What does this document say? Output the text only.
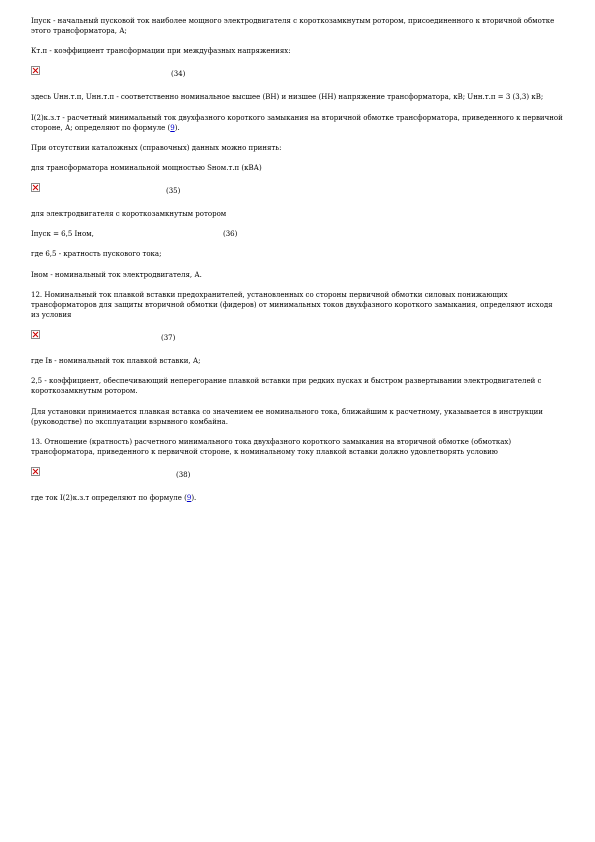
Iпуск - начальный пусковой ток наиболее мощного электродвигателя с короткозамкнутым ротором, присоединенного к вторичной обмотке этого трансформатора, А;

Кт.п - коэффициент трансформации при междуфазных напряжениях:

(34)

здесь Uнн.т.п, Uнн.т.п - соответственно номинальное высшее (ВН) и низшее (НН) напряжение трансформатора, кВ; Uнн.т.п = 3 (3,3) кВ;

I(2)к.з.т - расчетный минимальный ток двухфазного короткого замыкания на вторичной обмотке трансформатора, приведенного к первичной стороне, А; определяют по формуле (9).

При отсутствии каталожных (справочных) данных можно принять:

для трансформатора номинальной мощностью Sном.т.п (кВА)

(35)

для электродвигателя с короткозамкнутым ротором

Iпуск = 6,5 Iном,	(36)

где 6,5 - кратность пускового тока;

Iном - номинальный ток электродвигателя, А.

12. Номинальный ток плавкой вставки предохранителей, установленных со стороны первичной обмотки силовых понижающих трансформаторов для защиты вторичной обмотки (фидеров) от минимальных токов двухфазного короткого замыкания, определяют исходя из условия

(37)

где Iв - номинальный ток плавкой вставки, А;

2,5 - коэффициент, обеспечивающий неперегорание плавкой вставки при редких пусках и быстром развертывании электродвигателей с короткозамкнутым ротором.

Для установки принимается плавкая вставка со значением ее номинального тока, ближайшим к расчетному, указывается в инструкции (руководстве) по эксплуатации взрывного комбайна.

13. Отношение (кратность) расчетного минимального тока двухфазного короткого замыкания на вторичной обмотке (обмотках) трансформатора, приведенного к первичной стороне, к номинальному току плавкой вставки должно удовлетворять условию

(38)

где ток I(2)к.з.т определяют по формуле (9).
